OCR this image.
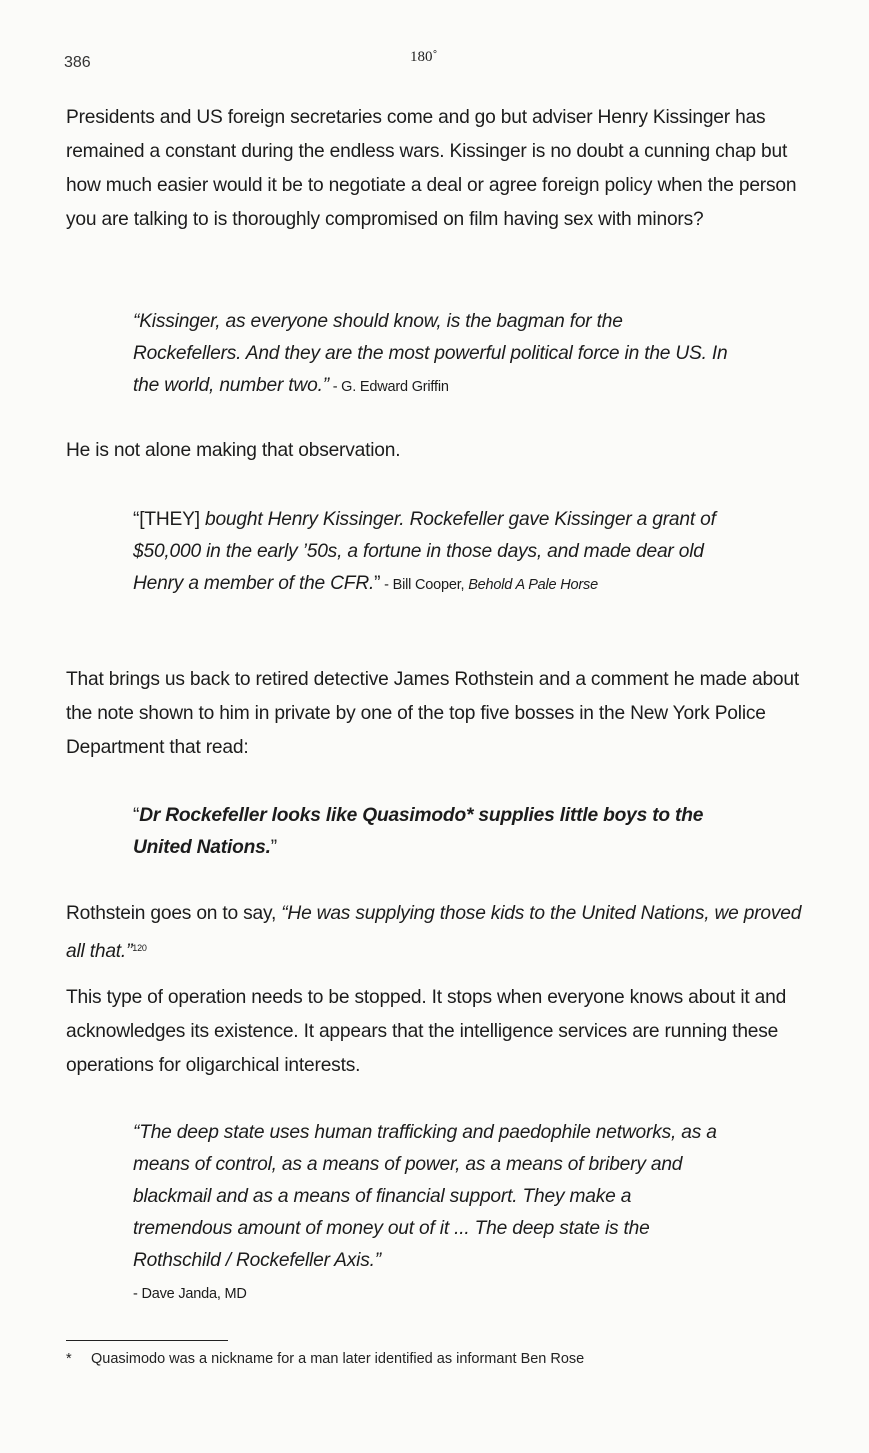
386	180˚

Presidents and US foreign secretaries come and go but adviser Henry Kissinger has remained a constant during the endless wars. Kissinger is no doubt a cunning chap but how much easier would it be to negotiate a deal or agree foreign policy when the person you are talking to is thoroughly compromised on film having sex with minors?

“Kissinger, as everyone should know, is the bagman for the Rockefellers. And they are the most powerful political force in the US. In the world, number two.” - G. Edward Griffin

He is not alone making that observation.

“[THEY] bought Henry Kissinger. Rockefeller gave Kissinger a grant of $50,000 in the early ’50s, a fortune in those days, and made dear old Henry a member of the CFR.” - Bill Cooper, Behold A Pale Horse

That brings us back to retired detective James Rothstein and a comment he made about the note shown to him in private by one of the top five bosses in the New York Police Department that read:

“Dr Rockefeller looks like Quasimodo* supplies little boys to the United Nations.”

Rothstein goes on to say, “He was supplying those kids to the United Nations, we proved all that.”$^{120}$

This type of operation needs to be stopped. It stops when everyone knows about it and acknowledges its existence. It appears that the intelligence services are running these operations for oligarchical interests.

“The deep state uses human trafficking and paedophile networks, as a means of control, as a means of power, as a means of bribery and blackmail and as a means of financial support. They make a tremendous amount of money out of it ... The deep state is the Rothschild / Rockefeller Axis.”
- Dave Janda, MD

* Quasimodo was a nickname for a man later identified as informant Ben Rose
